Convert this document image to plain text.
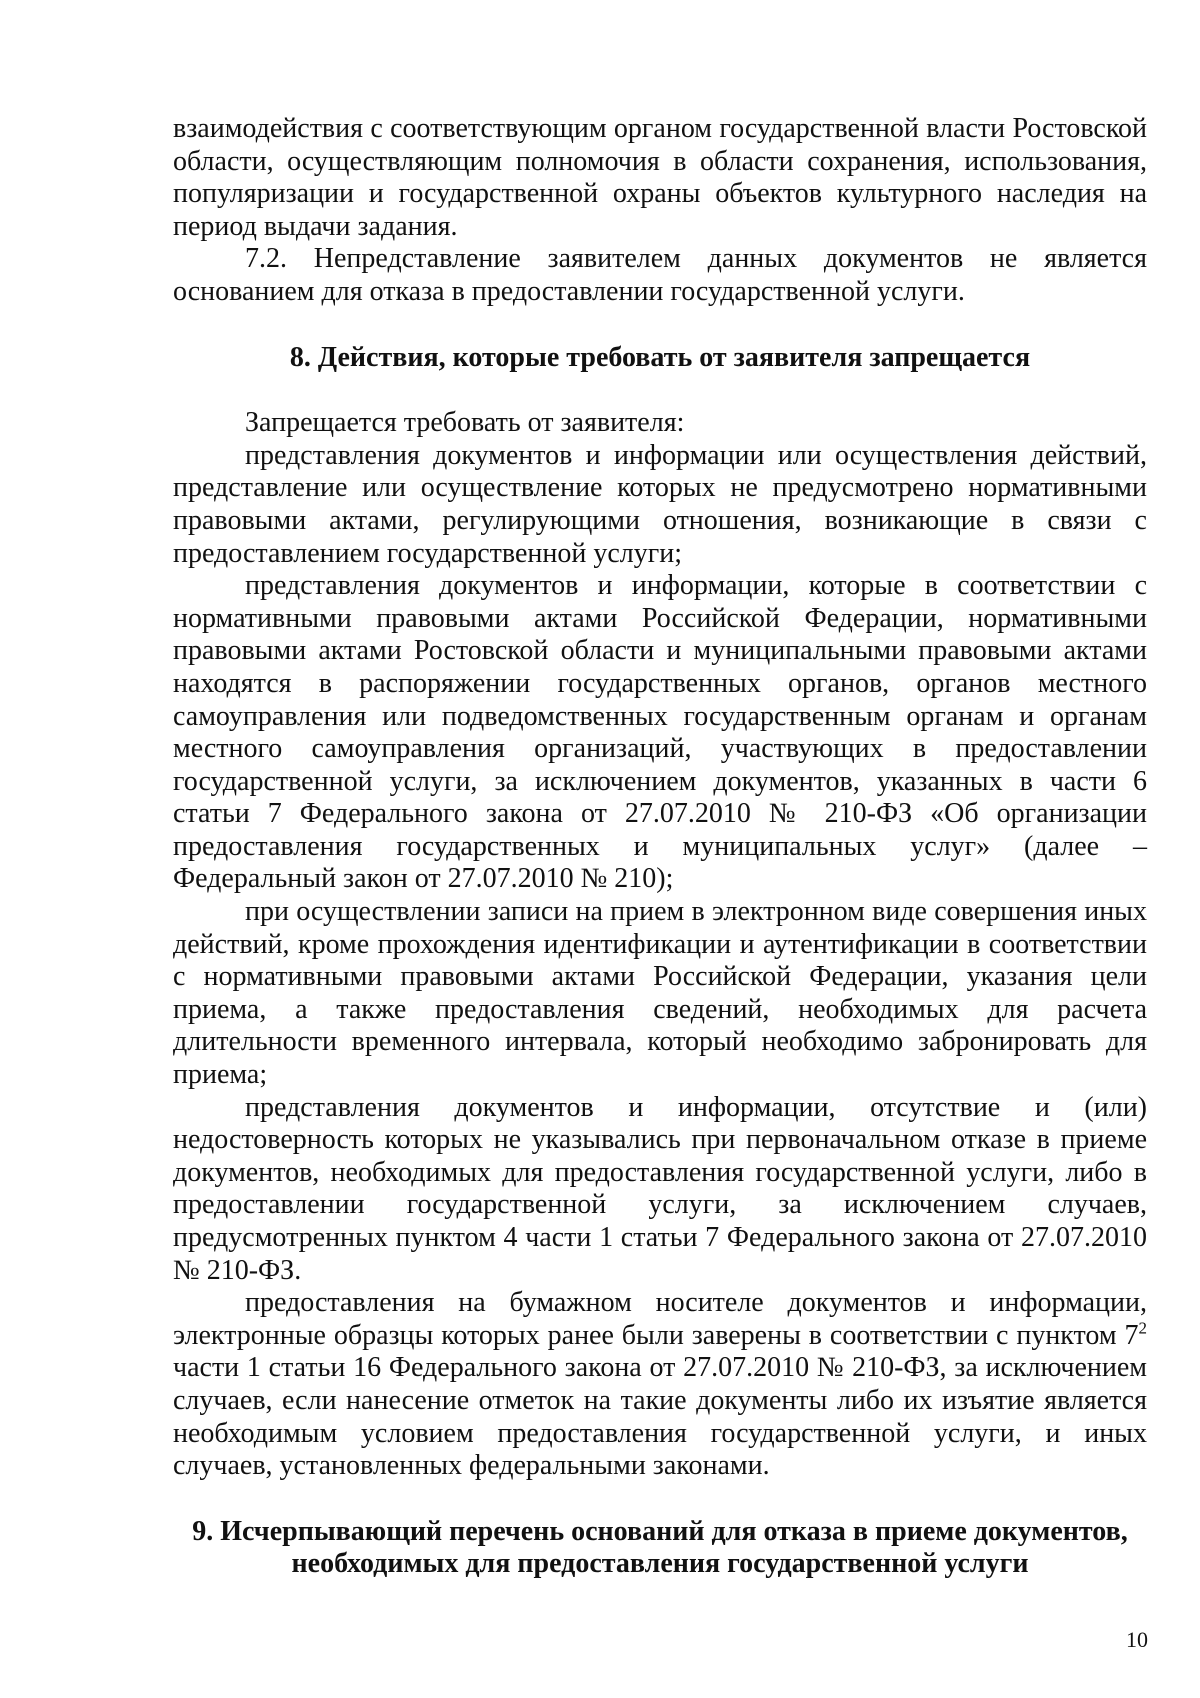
взаимодействия с соответствующим органом государственной власти Ростовской области, осуществляющим полномочия в области сохранения, использования, популяризации и государственной охраны объектов культурного наследия на период выдачи задания.

7.2. Непредставление заявителем данных документов не является основанием для отказа в предоставлении государственной услуги.

8. Действия, которые требовать от заявителя запрещается

Запрещается требовать от заявителя:

представления документов и информации или осуществления действий, представление или осуществление которых не предусмотрено нормативными правовыми актами, регулирующими отношения, возникающие в связи с предоставлением государственной услуги;

представления документов и информации, которые в соответствии с нормативными правовыми актами Российской Федерации, нормативными правовыми актами Ростовской области и муниципальными правовыми актами находятся в распоряжении государственных органов, органов местного самоуправления или подведомственных государственным органам и органам местного самоуправления организаций, участвующих в предоставлении государственной услуги, за исключением документов, указанных в части 6 статьи 7 Федерального закона от 27.07.2010 № 210-ФЗ «Об организации предоставления государственных и муниципальных услуг» (далее – Федеральный закон от 27.07.2010 № 210);

при осуществлении записи на прием в электронном виде совершения иных действий, кроме прохождения идентификации и аутентификации в соответствии с нормативными правовыми актами Российской Федерации, указания цели приема, а также предоставления сведений, необходимых для расчета длительности временного интервала, который необходимо забронировать для приема;

представления документов и информации, отсутствие и (или) недостоверность которых не указывались при первоначальном отказе в приеме документов, необходимых для предоставления государственной услуги, либо в предоставлении государственной услуги, за исключением случаев, предусмотренных пунктом 4 части 1 статьи 7 Федерального закона от 27.07.2010 № 210-ФЗ.

предоставления на бумажном носителе документов и информации, электронные образцы которых ранее были заверены в соответствии с пунктом $7^2$ части 1 статьи 16 Федерального закона от 27.07.2010 № 210-ФЗ, за исключением случаев, если нанесение отметок на такие документы либо их изъятие является необходимым условием предоставления государственной услуги, и иных случаев, установленных федеральными законами.

9. Исчерпывающий перечень оснований для отказа в приеме документов,
необходимых для предоставления государственной услуги
10
